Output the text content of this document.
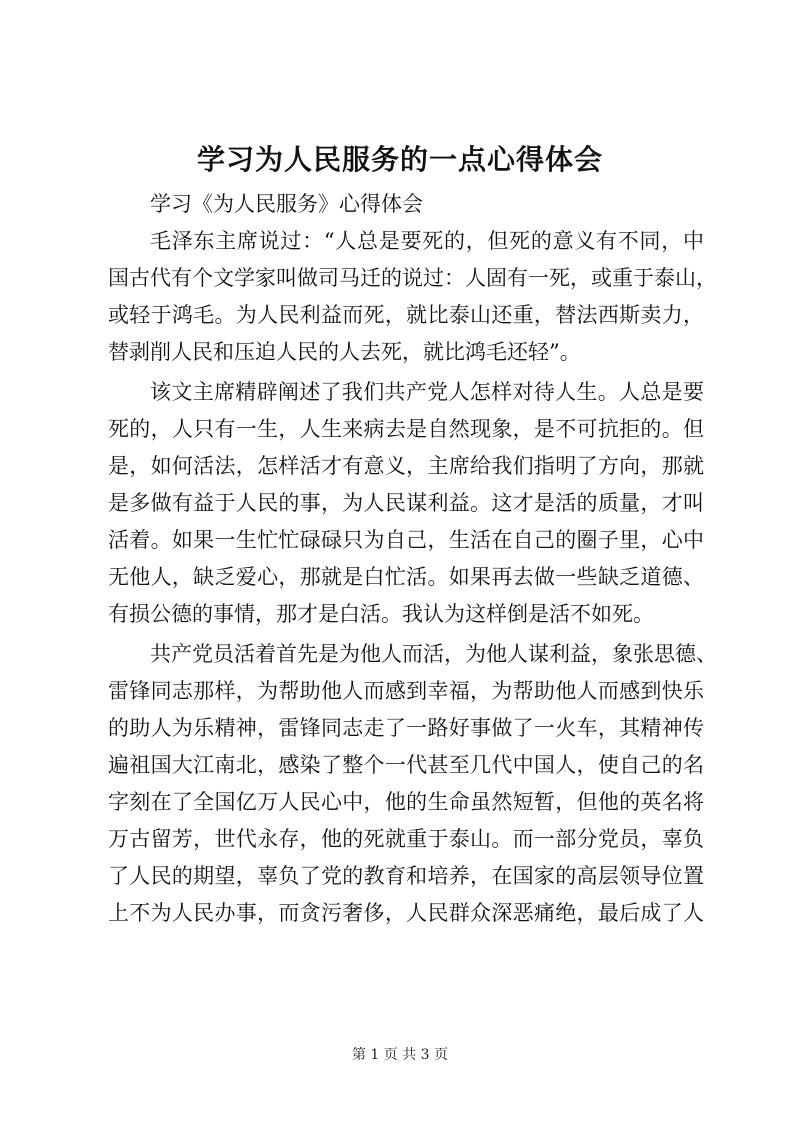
学习为人民服务的一点心得体会
学习《为人民服务》心得体会
毛泽东主席说过：“人总是要死的，但死的意义有不同，中
国古代有个文学家叫做司马迁的说过：人固有一死，或重于泰山，
或轻于鸿毛。为人民利益而死，就比泰山还重，替法西斯卖力，
替剥削人民和压迫人民的人去死，就比鸿毛还轻”。
该文主席精辟阐述了我们共产党人怎样对待人生。人总是要
死的，人只有一生，人生来病去是自然现象，是不可抗拒的。但
是，如何活法，怎样活才有意义，主席给我们指明了方向，那就
是多做有益于人民的事，为人民谋利益。这才是活的质量，才叫
活着。如果一生忙忙碌碌只为自己，生活在自己的圈子里，心中
无他人，缺乏爱心，那就是白忙活。如果再去做一些缺乏道德、
有损公德的事情，那才是白活。我认为这样倒是活不如死。
共产党员活着首先是为他人而活，为他人谋利益，象张思德、
雷锋同志那样，为帮助他人而感到幸福，为帮助他人而感到快乐
的助人为乐精神，雷锋同志走了一路好事做了一火车，其精神传
遍祖国大江南北，感染了整个一代甚至几代中国人，使自己的名
字刻在了全国亿万人民心中，他的生命虽然短暂，但他的英名将
万古留芳，世代永存，他的死就重于泰山。而一部分党员，辜负
了人民的期望，辜负了党的教育和培养，在国家的高层领导位置
上不为人民办事，而贪污奢侈，人民群众深恶痛绝，最后成了人
第 1 页 共 3 页
